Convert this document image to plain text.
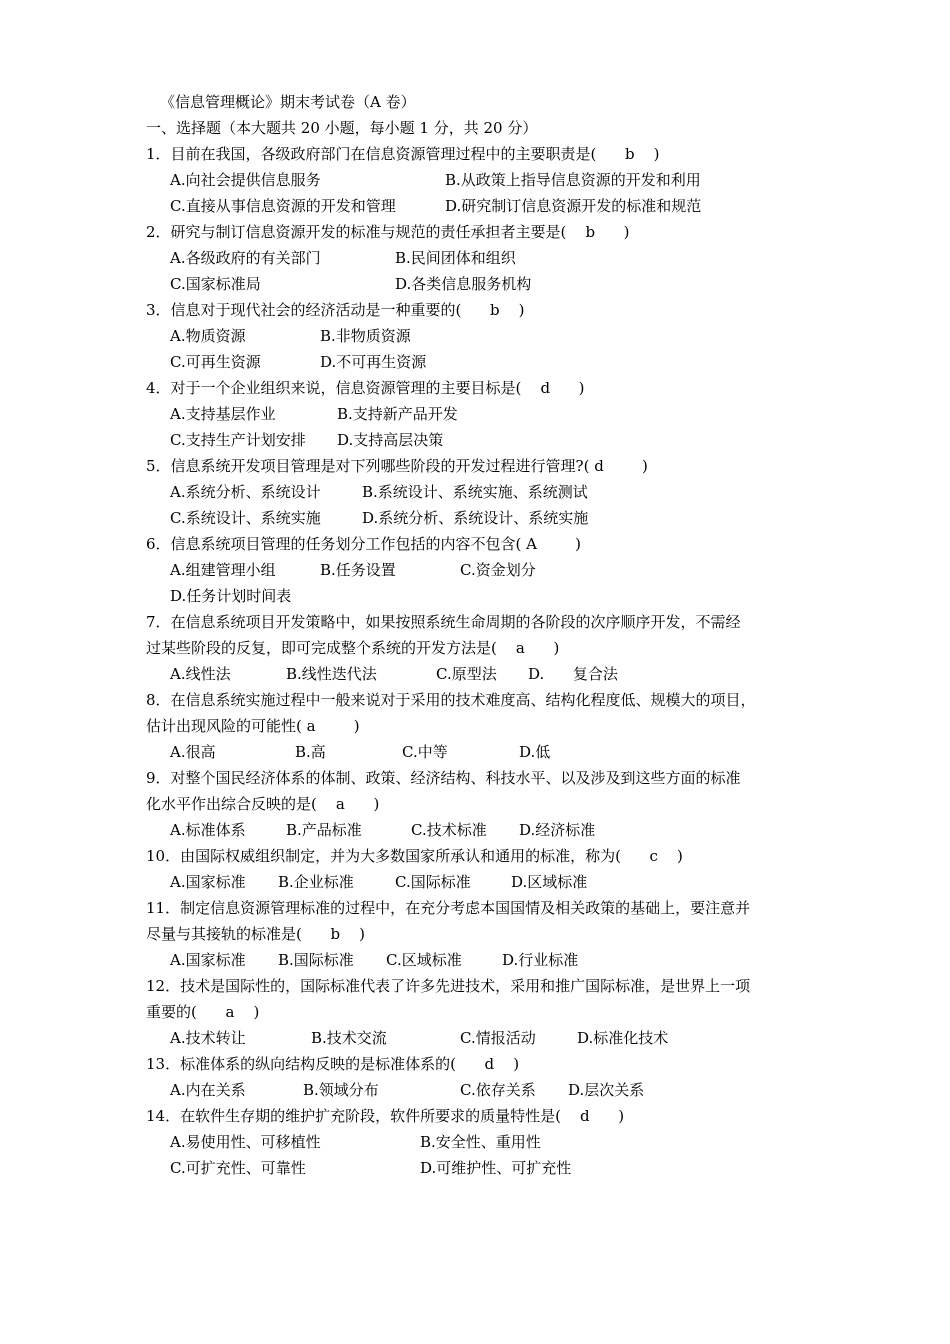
《信息管理概论》期末考试卷（A 卷）
一、选择题（本大题共 20 小题，每小题 1 分，共 20 分）
1．目前在我国，各级政府部门在信息资源管理过程中的主要职责是(      b    )
A.向社会提供信息服务	B.从政策上指导信息资源的开发和利用
C.直接从事信息资源的开发和管理	D.研究制订信息资源开发的标准和规范
2．研究与制订信息资源开发的标准与规范的责任承担者主要是(    b      )
A.各级政府的有关部门	B.民间团体和组织
C.国家标准局	D.各类信息服务机构
3．信息对于现代社会的经济活动是一种重要的(      b    )
A.物质资源	B.非物质资源
C.可再生资源	D.不可再生资源
4．对于一个企业组织来说，信息资源管理的主要目标是(    d      )
A.支持基层作业	B.支持新产品开发
C.支持生产计划安排 D.支持高层决策
5．信息系统开发项目管理是对下列哪些阶段的开发过程进行管理?( d        )
A.系统分析、系统设计	B.系统设计、系统实施、系统测试
C.系统设计、系统实施	D.系统分析、系统设计、系统实施
6．信息系统项目管理的任务划分工作包括的内容不包含( A        )
A.组建管理小组	B.任务设置	C.资金划分
D.任务计划时间表
7．在信息系统项目开发策略中，如果按照系统生命周期的各阶段的次序顺序开发，不需经
过某些阶段的反复，即可完成整个系统的开发方法是(    a      )
A.线性法	B.线性迭代法	C.原型法 D.      复合法
8．在信息系统实施过程中一般来说对于采用的技术难度高、结构化程度低、规模大的项目，
估计出现风险的可能性( a        )
A.很高	B.高	C.中等	D.低
9．对整个国民经济体系的体制、政策、经济结构、科技水平、以及涉及到这些方面的标准
化水平作出综合反映的是(    a      )
A.标准体系	B.产品标准	C.技术标准 D.经济标准
10．由国际权威组织制定，并为大多数国家所承认和通用的标准，称为(      c    )
A.国家标准 B.企业标准	C.国际标准	D.区域标准
11．制定信息资源管理标准的过程中，在充分考虑本国国情及相关政策的基础上，要注意并
尽量与其接轨的标准是(      b    )
A.国家标准 B.国际标准 C.区域标准	D.行业标准
12．技术是国际性的，国际标准代表了许多先进技术，采用和推广国际标准，是世界上一项
重要的(      a    )
A.技术转让	B.技术交流	C.情报活动	D.标准化技术
13．标准体系的纵向结构反映的是标准体系的(      d    )
A.内在关系	B.领域分布	C.依存关系 D.层次关系
14．在软件生存期的维护扩充阶段，软件所要求的质量特性是(    d      )
A.易使用性、可移植性	B.安全性、重用性
C.可扩充性、可靠性	D.可维护性、可扩充性
